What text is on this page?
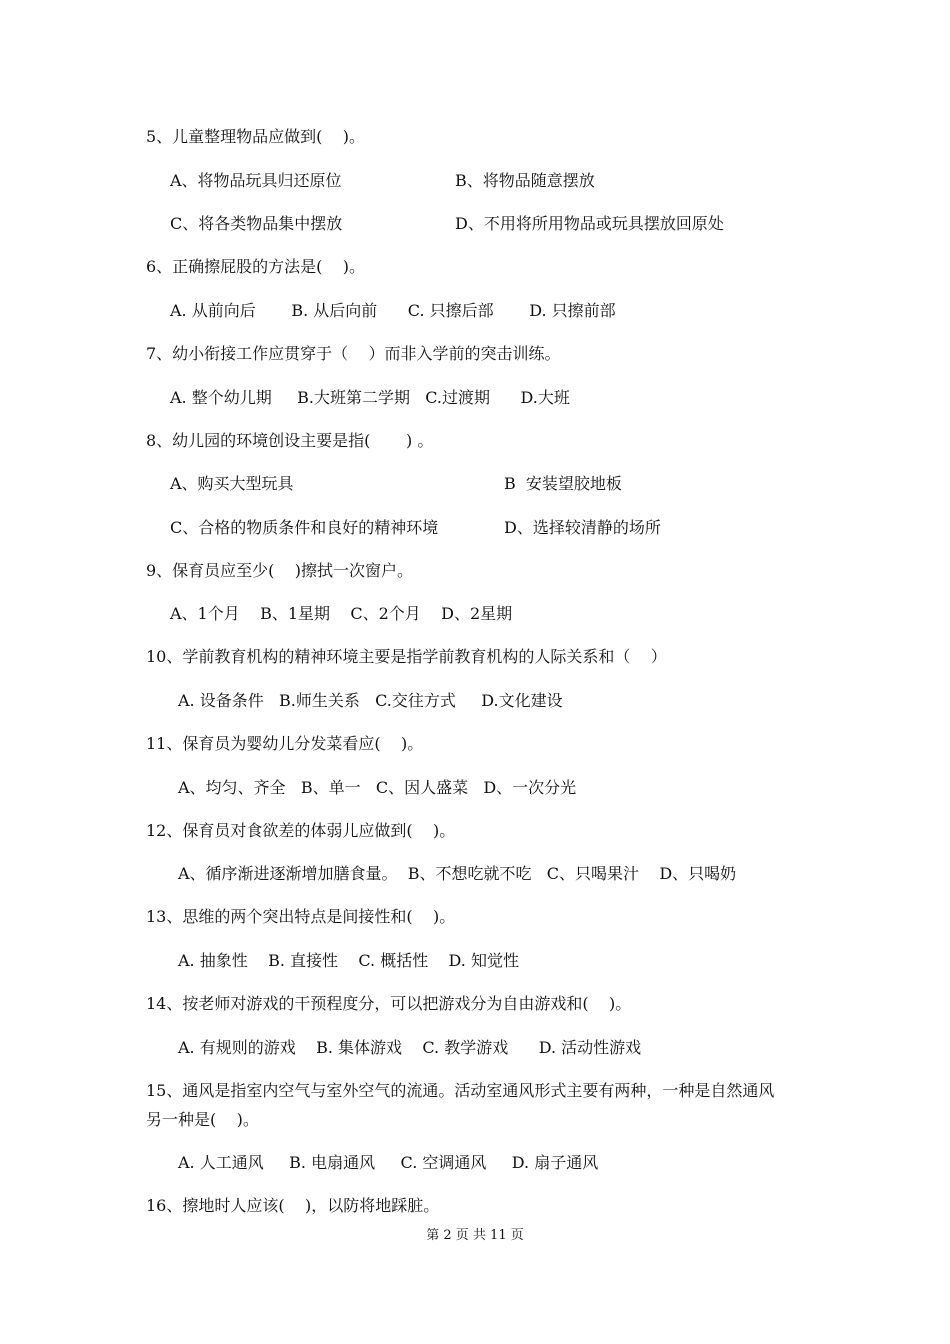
5、儿童整理物品应做到(    )。
A、将物品玩具归还原位	B、将物品随意摆放
C、将各类物品集中摆放	D、不用将所用物品或玩具摆放回原处
6、正确擦屁股的方法是(    )。
A. 从前向后       B. 从后向前      C. 只擦后部       D. 只擦前部
7、幼小衔接工作应贯穿于（    ）而非入学前的突击训练。
A. 整个幼儿期     B.大班第二学期   C.过渡期      D.大班
8、幼儿园的环境创设主要是指(       ) 。
A、购买大型玩具	B  安装望胶地板
C、合格的物质条件和良好的精神环境	D、选择较清静的场所
9、保育员应至少(    )擦拭一次窗户。
A、1个月    B、1星期    C、2个月    D、2星期
10、学前教育机构的精神环境主要是指学前教育机构的人际关系和（    ）
A. 设备条件   B.师生关系   C.交往方式     D.文化建设
11、保育员为婴幼儿分发菜看应(    )。
A、均匀、齐全   B、单一   C、因人盛菜   D、一次分光
12、保育员对食欲差的体弱儿应做到(    )。
A、循序渐进逐渐增加膳食量。  B、不想吃就不吃   C、只喝果汁    D、只喝奶
13、思维的两个突出特点是间接性和(    )。
A. 抽象性    B. 直接性    C. 概括性    D. 知觉性
14、按老师对游戏的干预程度分，可以把游戏分为自由游戏和(    )。
A. 有规则的游戏    B. 集体游戏    C. 教学游戏      D. 活动性游戏
15、通风是指室内空气与室外空气的流通。活动室通风形式主要有两种，一种是自然通风
另一种是(    )。
A. 人工通风     B. 电扇通风     C. 空调通风     D. 扇子通风
16、擦地时人应该(    )，以防将地踩脏。
第 2 页 共 11 页
